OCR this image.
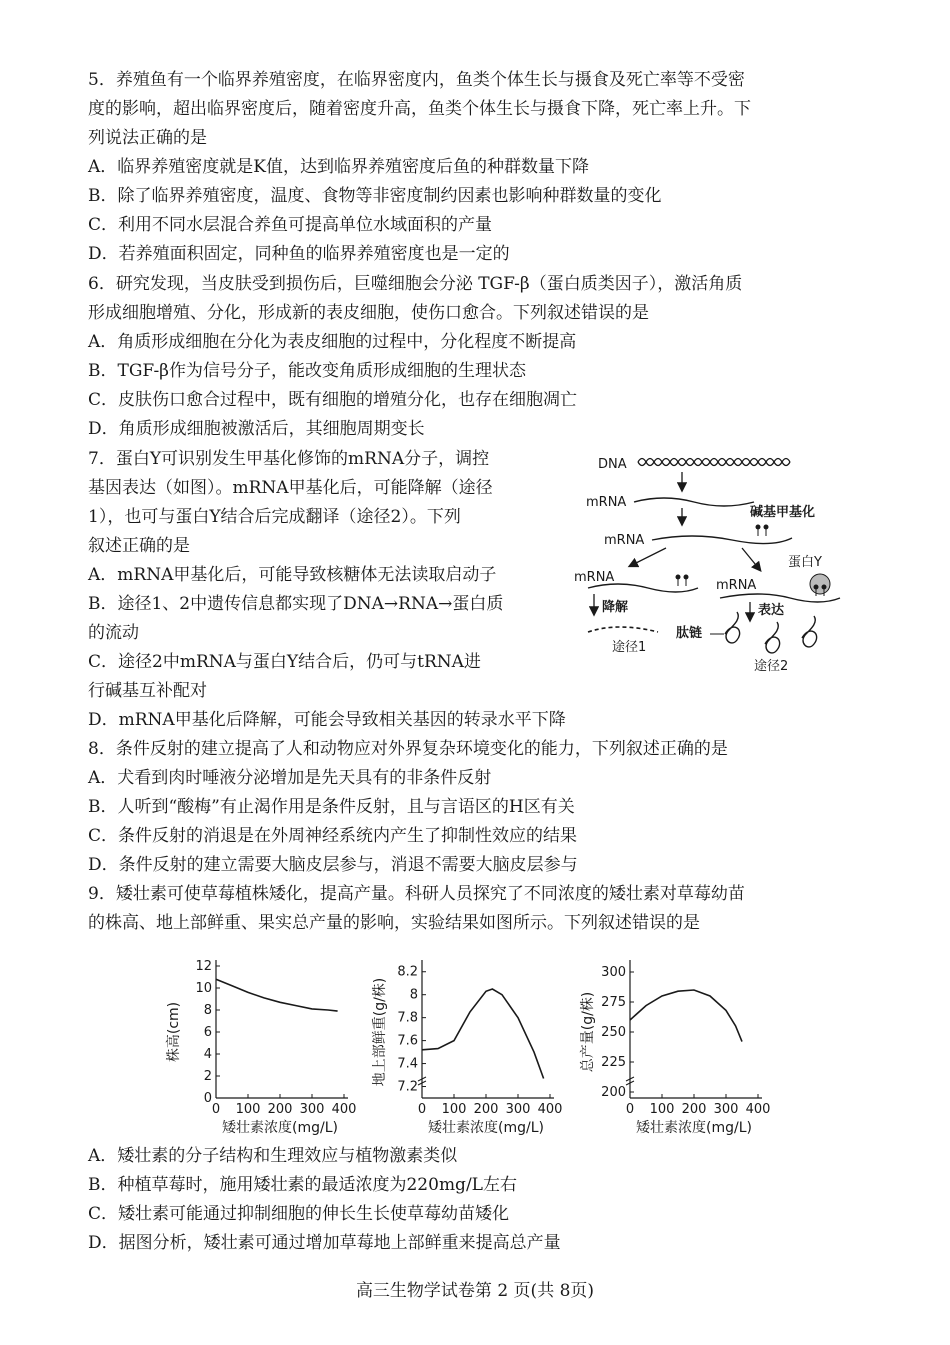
5．养殖鱼有一个临界养殖密度，在临界密度内，鱼类个体生长与摄食及死亡率等不受密
度的影响，超出临界密度后，随着密度升高，鱼类个体生长与摄食下降，死亡率上升。下
列说法正确的是
A．临界养殖密度就是K值，达到临界养殖密度后鱼的种群数量下降
B．除了临界养殖密度，温度、食物等非密度制约因素也影响种群数量的变化
C．利用不同水层混合养鱼可提高单位水域面积的产量
D．若养殖面积固定，同种鱼的临界养殖密度也是一定的
6．研究发现，当皮肤受到损伤后，巨噬细胞会分泌 TGF-β（蛋白质类因子），激活角质
形成细胞增殖、分化，形成新的表皮细胞，使伤口愈合。下列叙述错误的是
A．角质形成细胞在分化为表皮细胞的过程中，分化程度不断提高
B．TGF-β作为信号分子，能改变角质形成细胞的生理状态
C．皮肤伤口愈合过程中，既有细胞的增殖分化，也存在细胞凋亡
D．角质形成细胞被激活后，其细胞周期变长
7．蛋白Y可识别发生甲基化修饰的mRNA分子，调控
基因表达（如图）。mRNA甲基化后，可能降解（途径
1），也可与蛋白Y结合后完成翻译（途径2）。下列
叙述正确的是
A．mRNA甲基化后，可能导致核糖体无法读取启动子
B．途径1、2中遗传信息都实现了DNA→RNA→蛋白质
的流动
C．途径2中mRNA与蛋白Y结合后，仍可与tRNA进
行碱基互补配对
D．mRNA甲基化后降解，可能会导致相关基因的转录水平下降
8．条件反射的建立提高了人和动物应对外界复杂环境变化的能力，下列叙述正确的是
A．犬看到肉时唾液分泌增加是先天具有的非条件反射
B．人听到“酸梅”有止渴作用是条件反射，且与言语区的H区有关
C．条件反射的消退是在外周神经系统内产生了抑制性效应的结果
D．条件反射的建立需要大脑皮层参与，消退不需要大脑皮层参与
9．矮壮素可使草莓植株矮化，提高产量。科研人员探究了不同浓度的矮壮素对草莓幼苗
的株高、地上部鲜重、果实总产量的影响，实验结果如图所示。下列叙述错误的是
DNA
mRNA
碱基甲基化
mRNA
mRNA
mRNA
蛋白Y
降解	表达
途径1
肽链
途径2
0 100 200 300 400
0
2
4
6
8
10
12
矮壮素浓度(mg/L)
株高(cm)
0 100 200 300 400
7.2
7.4
7.6
7.8
8
8.2
矮壮素浓度(mg/L)
地上部鲜重(g/株)
0 100 200 300 400
200
225
250
275
300
矮壮素浓度(mg/L)
总产量(g/株)
A．矮壮素的分子结构和生理效应与植物激素类似
B．种植草莓时，施用矮壮素的最适浓度为220mg/L左右
C．矮壮素可能通过抑制细胞的伸长生长使草莓幼苗矮化
D．据图分析，矮壮素可通过增加草莓地上部鲜重来提高总产量
高三生物学试卷第 2 页(共 8页)
